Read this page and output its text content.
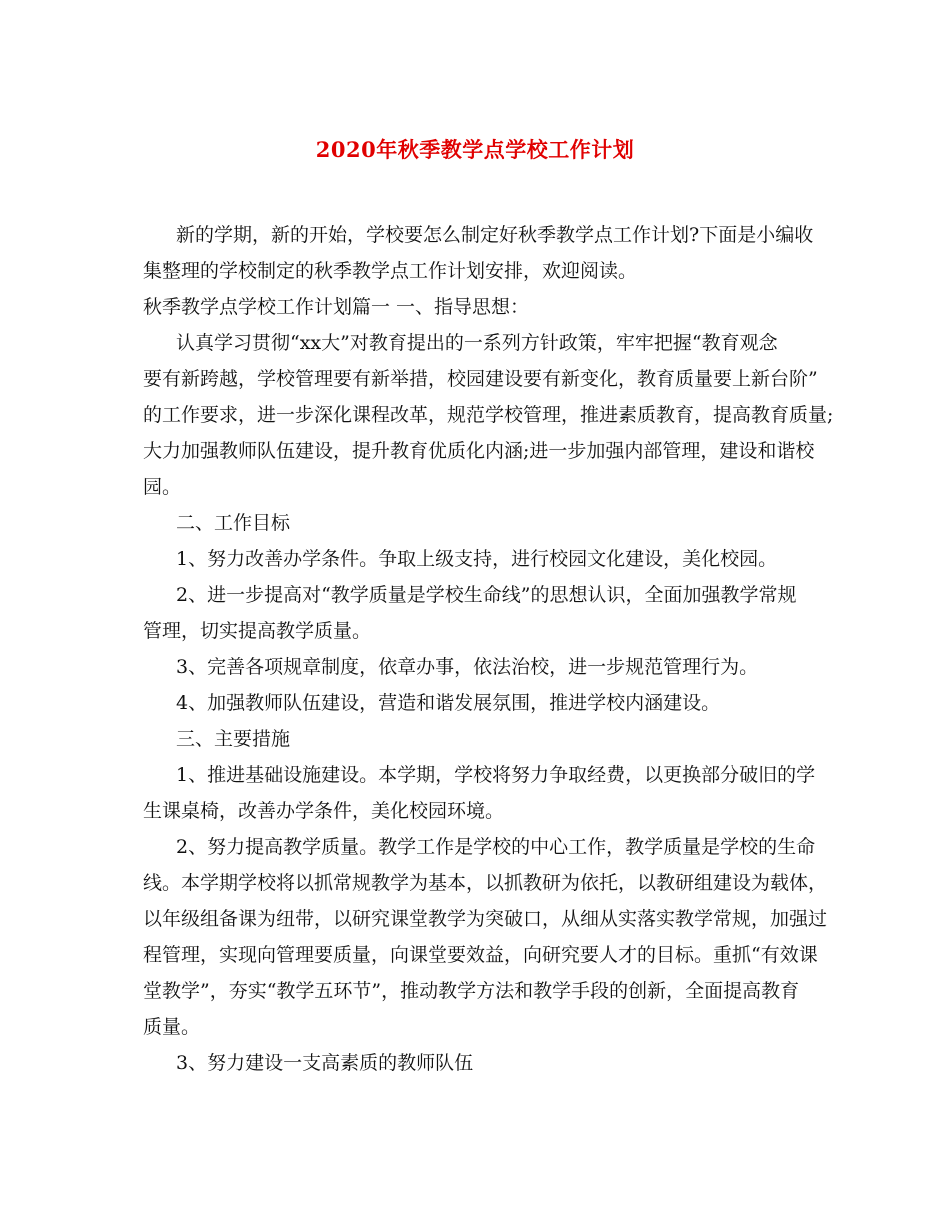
2020年秋季教学点学校工作计划
新的学期，新的开始，学校要怎么制定好秋季教学点工作计划?下面是小编收
集整理的学校制定的秋季教学点工作计划安排，欢迎阅读。
秋季教学点学校工作计划篇一 一、指导思想：
认真学习贯彻“xx大”对教育提出的一系列方针政策，牢牢把握“教育观念
要有新跨越，学校管理要有新举措，校园建设要有新变化，教育质量要上新台阶”
的工作要求，进一步深化课程改革，规范学校管理，推进素质教育，提高教育质量;
大力加强教师队伍建设，提升教育优质化内涵;进一步加强内部管理，建设和谐校
园。
二、工作目标
1、努力改善办学条件。争取上级支持，进行校园文化建设，美化校园。
2、进一步提高对“教学质量是学校生命线”的思想认识，全面加强教学常规
管理，切实提高教学质量。
3、完善各项规章制度，依章办事，依法治校，进一步规范管理行为。
4、加强教师队伍建设，营造和谐发展氛围，推进学校内涵建设。
三、主要措施
1、推进基础设施建设。本学期，学校将努力争取经费，以更换部分破旧的学
生课桌椅，改善办学条件，美化校园环境。
2、努力提高教学质量。教学工作是学校的中心工作，教学质量是学校的生命
线。本学期学校将以抓常规教学为基本，以抓教研为依托，以教研组建设为载体，
以年级组备课为纽带，以研究课堂教学为突破口，从细从实落实教学常规，加强过
程管理，实现向管理要质量，向课堂要效益，向研究要人才的目标。重抓“有效课
堂教学”，夯实“教学五环节”，推动教学方法和教学手段的创新，全面提高教育
质量。
3、努力建设一支高素质的教师队伍
